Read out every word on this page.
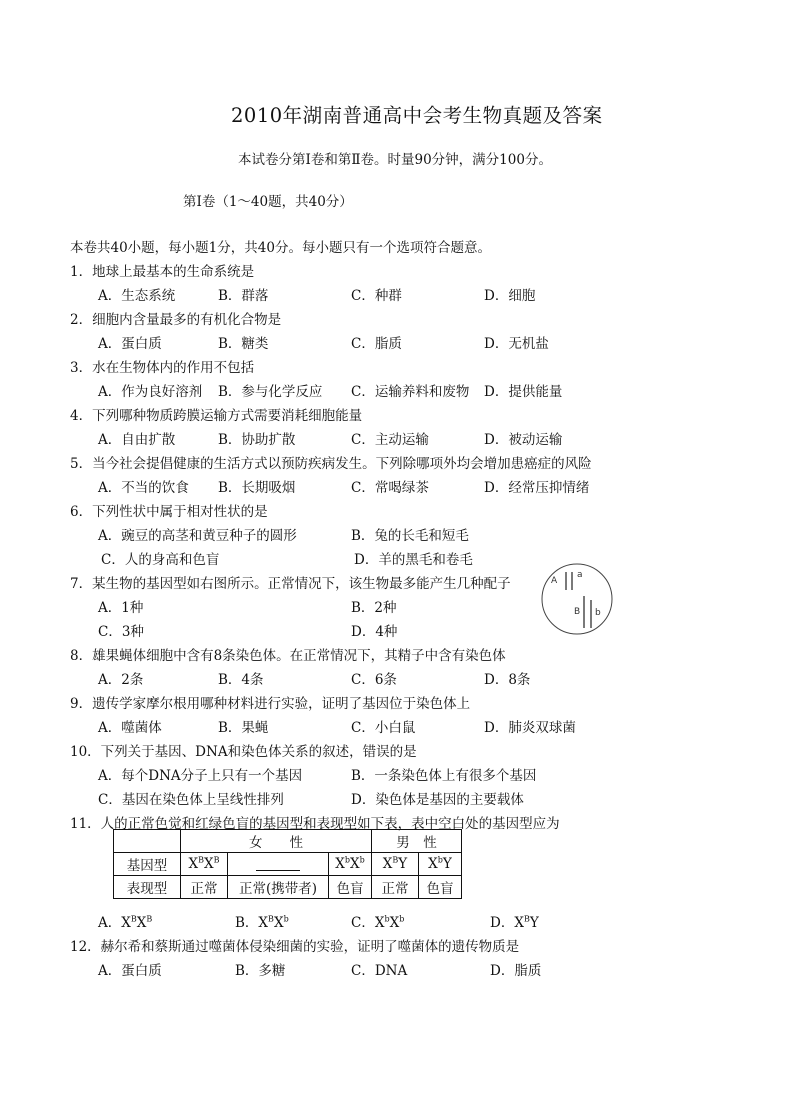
2010年湖南普通高中会考生物真题及答案
本试卷分第Ⅰ卷和第Ⅱ卷。时量90分钟，满分100分。
第Ⅰ卷（1～40题，共40分）
本卷共40小题，每小题1分，共40分。每小题只有一个选项符合题意。
1．地球上最基本的生命系统是
A．生态系统	B．群落	C．种群	D．细胞
2．细胞内含量最多的有机化合物是
A．蛋白质	B．糖类	C．脂质	D．无机盐
3．水在生物体内的作用不包括
A．作为良好溶剂 B．参与化学反应 C．运输养料和废物 D．提供能量
4．下列哪种物质跨膜运输方式需要消耗细胞能量
A．自由扩散	B．协助扩散	C．主动运输	D．被动运输
5．当今社会提倡健康的生活方式以预防疾病发生。下列除哪项外均会增加患癌症的风险
A．不当的饮食 B．长期吸烟	C．常喝绿茶	D．经常压抑情绪
6．下列性状中属于相对性状的是
A．豌豆的高茎和黄豆种子的圆形	B．兔的长毛和短毛
C．人的身高和色盲	D．羊的黑毛和卷毛
7．某生物的基因型如右图所示。正常情况下，该生物最多能产生几种配子
A．1种	B．2种
C．3种	D．4种
A
a
B b
8．雄果蝇体细胞中含有8条染色体。在正常情况下，其精子中含有染色体
A．2条	B．4条	C．6条	D．8条
9．遗传学家摩尔根用哪种材料进行实验，证明了基因位于染色体上
A．噬菌体	B．果蝇	C．小白鼠	D．肺炎双球菌
10．下列关于基因、DNA和染色体关系的叙述，错误的是
A．每个DNA分子上只有一个基因	B．一条染色体上有很多个基因
C．基因在染色体上呈线性排列	D．染色体是基因的主要载体
11．人的正常色觉和红绿色盲的基因型和表现型如下表，表中空白处的基因型应为
	女　　性			男　性	
基因型	$X^BX^B$		$X^bX^b$	$X^BY$	$X^bY$
表现型	正常	正常(携带者)	色盲	正常	色盲
A．$X^BX^B$	B．$X^BX^b$	C．$X^bX^b$	D．$X^BY$
12．赫尔希和蔡斯通过噬菌体侵染细菌的实验，证明了噬菌体的遗传物质是
A．蛋白质	B．多糖	C．DNA	D．脂质
